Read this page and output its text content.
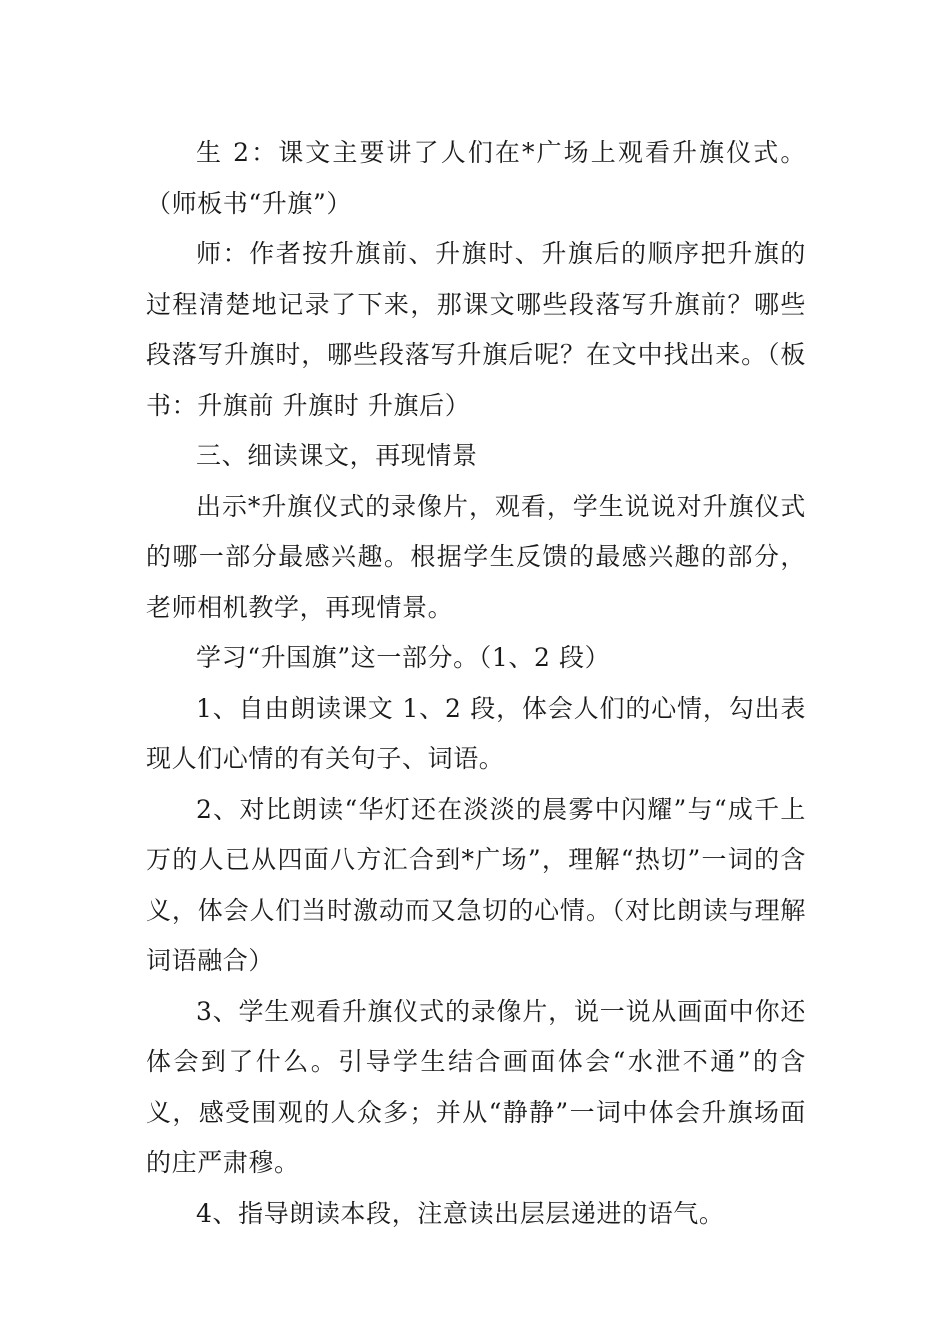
生 2：课文主要讲了人们在*广场上观看升旗仪式。（师板书“升旗”）

师：作者按升旗前、升旗时、升旗后的顺序把升旗的过程清楚地记录了下来，那课文哪些段落写升旗前？哪些段落写升旗时，哪些段落写升旗后呢？在文中找出来。（板书：升旗前 升旗时 升旗后）

三、细读课文，再现情景

出示*升旗仪式的录像片，观看，学生说说对升旗仪式的哪一部分最感兴趣。根据学生反馈的最感兴趣的部分，老师相机教学，再现情景。

学习“升国旗”这一部分。（1、2 段）

1、自由朗读课文 1、2 段，体会人们的心情，勾出表现人们心情的有关句子、词语。

2、对比朗读“华灯还在淡淡的晨雾中闪耀”与“成千上万的人已从四面八方汇合到*广场”，理解“热切”一词的含义，体会人们当时激动而又急切的心情。（对比朗读与理解词语融合）

3、学生观看升旗仪式的录像片，说一说从画面中你还体会到了什么。引导学生结合画面体会“水泄不通”的含义，感受围观的人众多；并从“静静”一词中体会升旗场面的庄严肃穆。

4、指导朗读本段，注意读出层层递进的语气。
